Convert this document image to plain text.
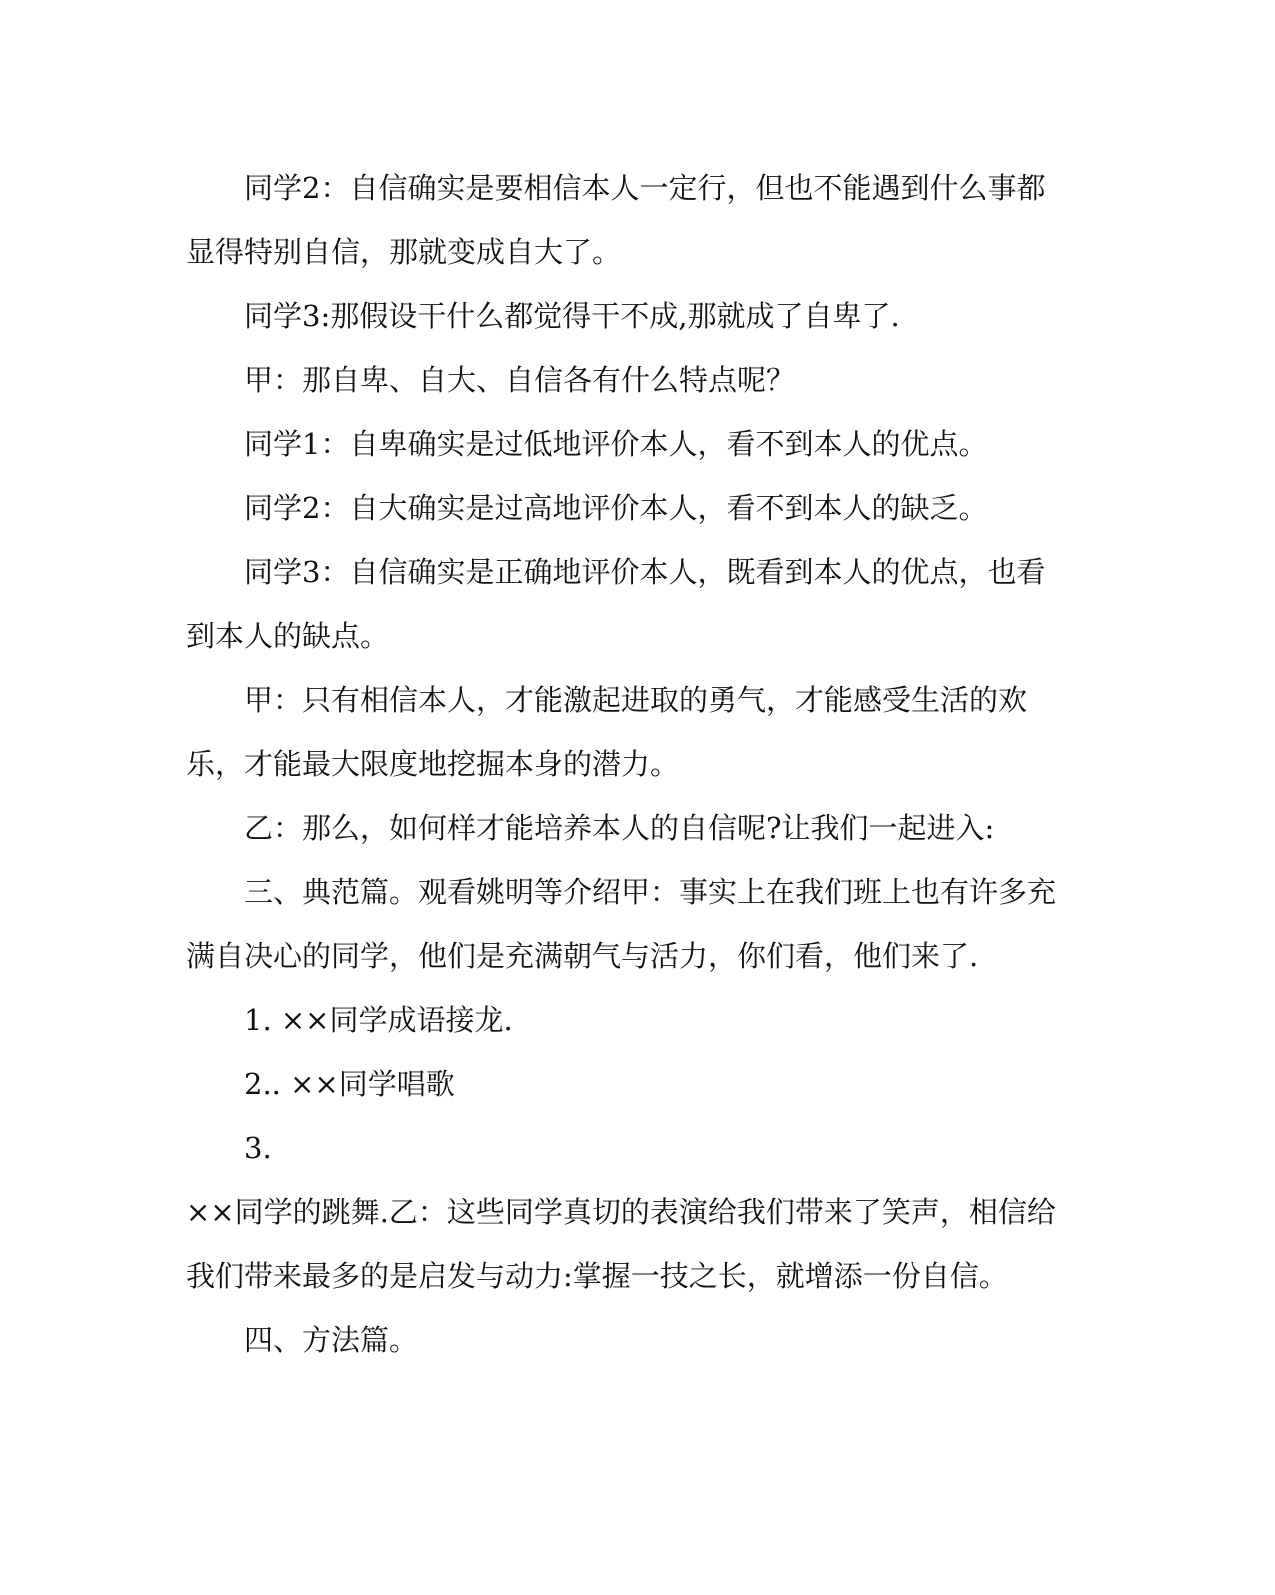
同学2：自信确实是要相信本人一定行，但也不能遇到什么事都显得特别自信，那就变成自大了。

同学3:那假设干什么都觉得干不成,那就成了自卑了.

甲：那自卑、自大、自信各有什么特点呢？

同学1：自卑确实是过低地评价本人，看不到本人的优点。

同学2：自大确实是过高地评价本人，看不到本人的缺乏。

同学3：自信确实是正确地评价本人，既看到本人的优点，也看到本人的缺点。

甲：只有相信本人，才能激起进取的勇气，才能感受生活的欢乐，才能最大限度地挖掘本身的潜力。

乙：那么，如何样才能培养本人的自信呢?让我们一起进入:

三、典范篇。观看姚明等介绍甲：事实上在我们班上也有许多充满自决心的同学，他们是充满朝气与活力，你们看，他们来了.

1. ××同学成语接龙.

2.. ××同学唱歌

3.

××同学的跳舞.乙：这些同学真切的表演给我们带来了笑声，相信给我们带来最多的是启发与动力:掌握一技之长，就增添一份自信。

四、方法篇。
